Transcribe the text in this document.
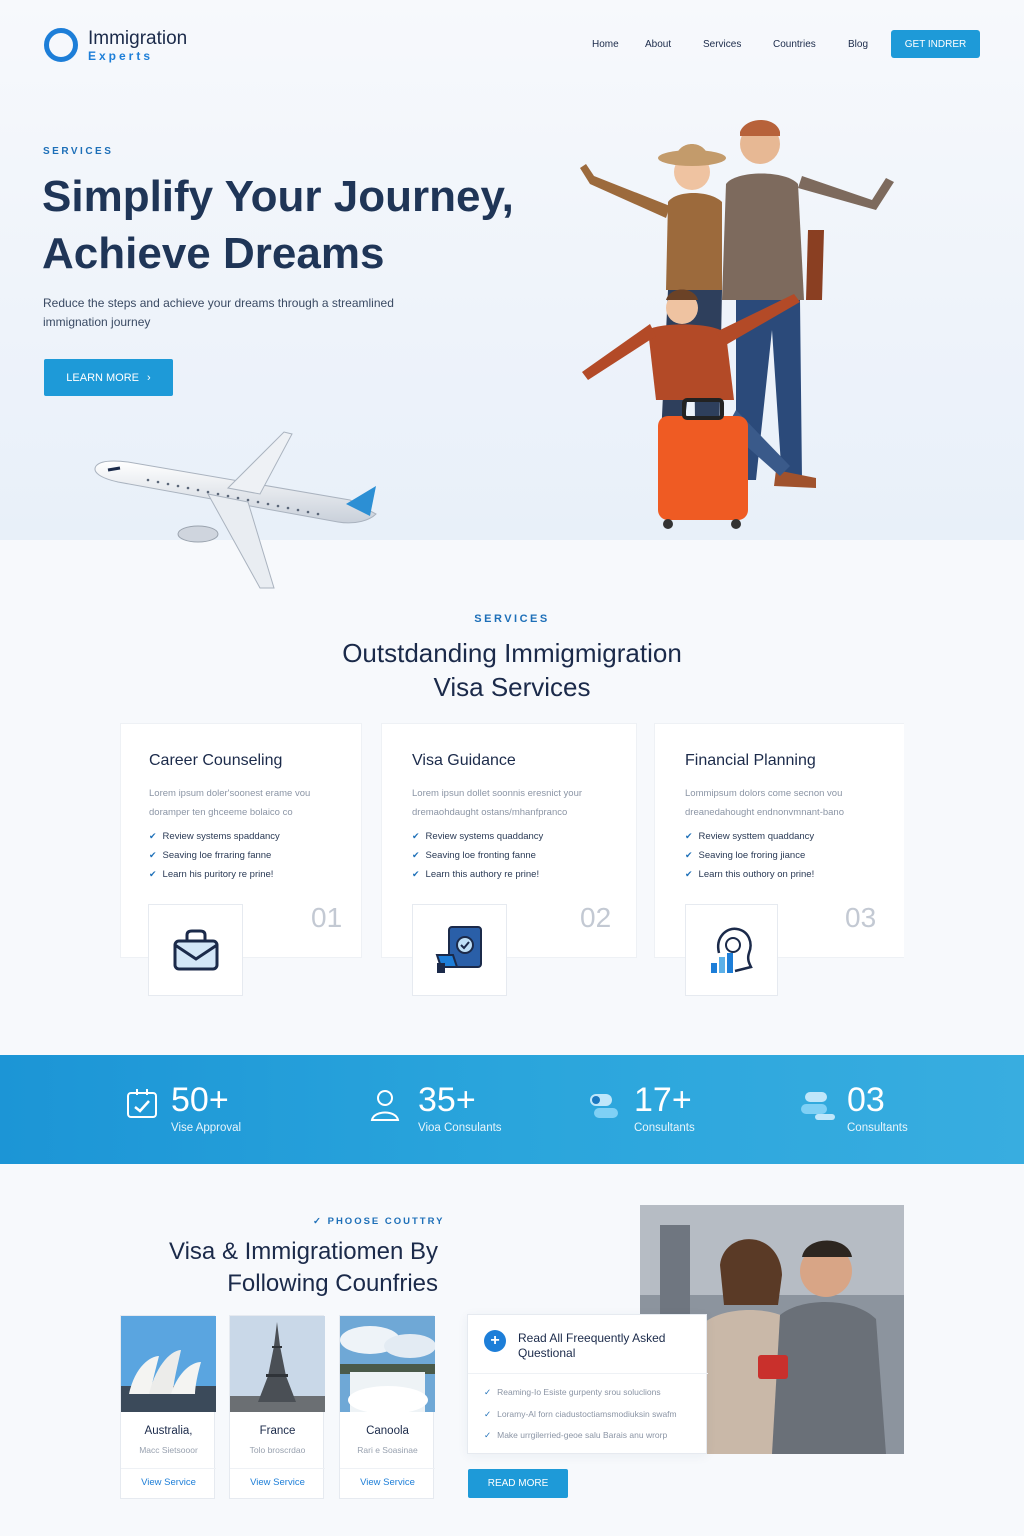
Immigration
Experts
Home	About	Services	Countries	Blog	GET INDRER
SERVICES
Simplify Your Journey,
Achieve Dreams
Reduce the steps and achieve your dreams through a streamlined
immignation journey
LEARN MORE ›
SERVICES
Outstdanding Immigmigration
Visa Services
Career Counseling
Lorem ipsum doler'soonest erame vou
doramper ten ghceeme bolaico co
✔ Review systems spaddancy
✔ Seaving loe frraring fanne
✔ Learn his puritory re prine!
01
Visa Guidance
Lorem ipsun dollet soonnis eresnict your
dremaohdaught ostans/mhanfpranco
✔ Review systems quaddancy
✔ Seaving loe fronting fanne
✔ Learn this authory re prine!
02
Financial Planning
Lommipsum dolors come secnon vou
dreanedahought endnonvmnant-bano
✔ Review systtem quaddancy
✔ Seaving loe froring jiance
✔ Learn this outhory on prine!
03
50+
Vise Approval
35+
Vioa Consulants
17+
Consultants
03
Consultants
✓ PHOOSE COUTTRY
Visa & Immigratiomen By
Following Counfries
Australia,
Macc Sietsooor
View Service
France
Tolo broscrdao
View Service
Canoola
Rari e Soasinae
View Service
+	Read All Freequently Asked Questional
✓ Reaming-Io Esiste gurpenty srou soluclions
✓ Loramy-Al forn ciadustoctiamsmodiuksin swafm
✓ Make urrgilerried-geoe salu Barais anu wrorp
READ MORE
